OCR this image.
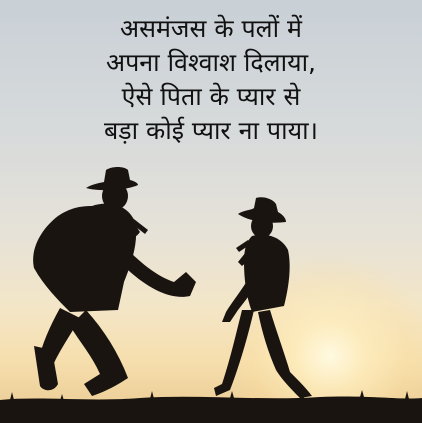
असमंजस के पलों में
अपना विश्वाश दिलाया,
ऐसे पिता के प्यार से
बड़ा कोई प्यार ना पाया।
